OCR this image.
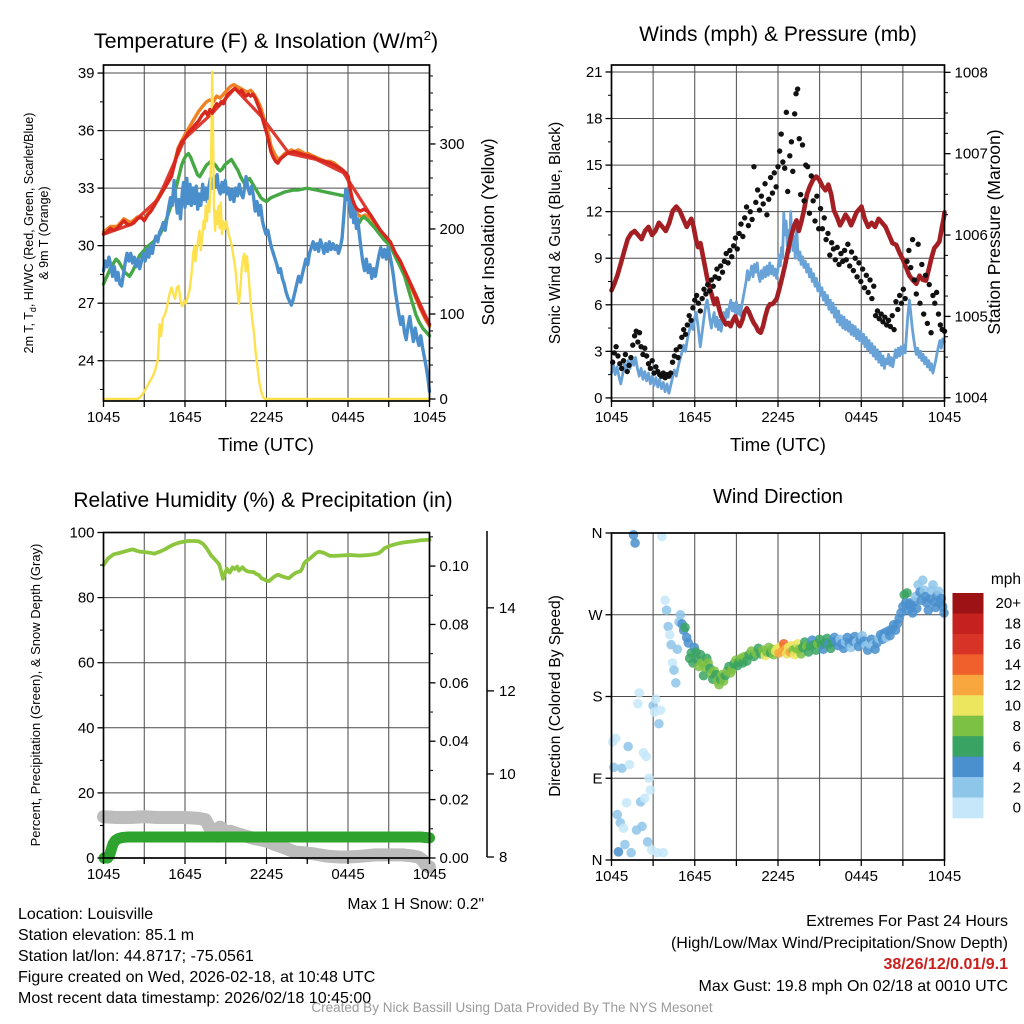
1045	1645	2245	0445	1045
24
27
30
33
36
39
0
100
200
300
1045	1645	2245	0445	1045
0
3
6
9
12
15
18
21
1004
1005
1006
1007
1008
1045	1645	2245	0445	1045
0
20
40
60
80
100
0.00
0.02
0.04
0.06
0.08
0.10
8
10
12
14
1045	1645	2245	0445	1045
N
W
S
E
N
20+
18
16
14
12
10
8
6
4
2
0
mph
2m T, $T_d$, HI/WC (Red, Green, Scarlet/Blue) & 9m T (Orange)	Solar Insolation (Yellow)	Sonic Wind & Gust (Blue, Black)	Station Pressure (Maroon)
Percent, Precipitation (Green), & Snow Depth (Gray)	Direction (Colored By Speed)
Temperature (F) & Insolation $(W/m^2)$	Winds (mph) & Pressure (mb)
Relative Humidity (%) & Precipitation (in)	Wind Direction
Time (UTC)	Time (UTC)
Location: Louisville
Station elevation: 85.1 m
Station lat/lon: 44.8717; -75.0561
Figure created on Wed, 2026-02-18, at 10:48 UTC
Most recent data timestamp: 2026/02/18 10:45:00
Max 1 H Snow: 0.2"
Extremes For Past 24 Hours
(High/Low/Max Wind/Precipitation/Snow Depth)
38/26/12/0.01/9.1
Max Gust: 19.8 mph On 02/18 at 0010 UTC
Created By Nick Bassill Using Data Provided By The NYS Mesonet
